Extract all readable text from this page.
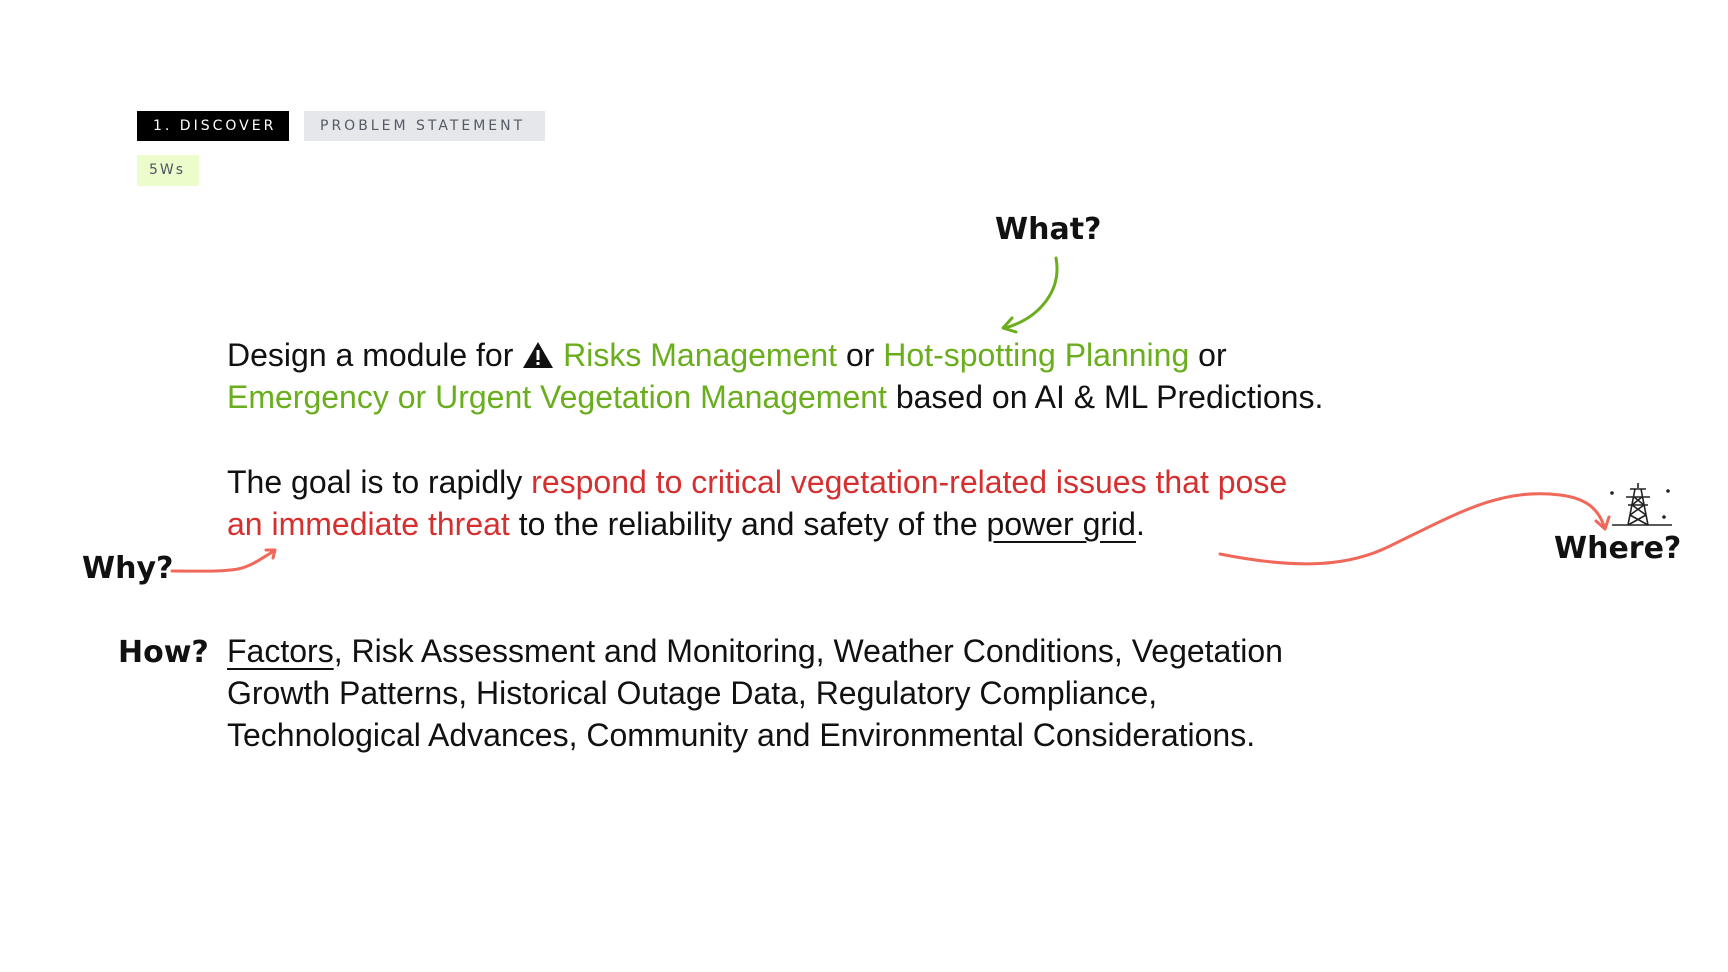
1. DISCOVER	PROBLEM STATEMENT
5Ws
What?
Why?
Where?
How?

Design a module for Risks Management or Hot-spotting Planning or
Emergency or Urgent Vegetation Management based on AI & ML Predictions.

The goal is to rapidly respond to critical vegetation-related issues that pose
an immediate threat to the reliability and safety of the power grid.

Factors, Risk Assessment and Monitoring, Weather Conditions, Vegetation
Growth Patterns, Historical Outage Data, Regulatory Compliance,
Technological Advances, Community and Environmental Considerations.
